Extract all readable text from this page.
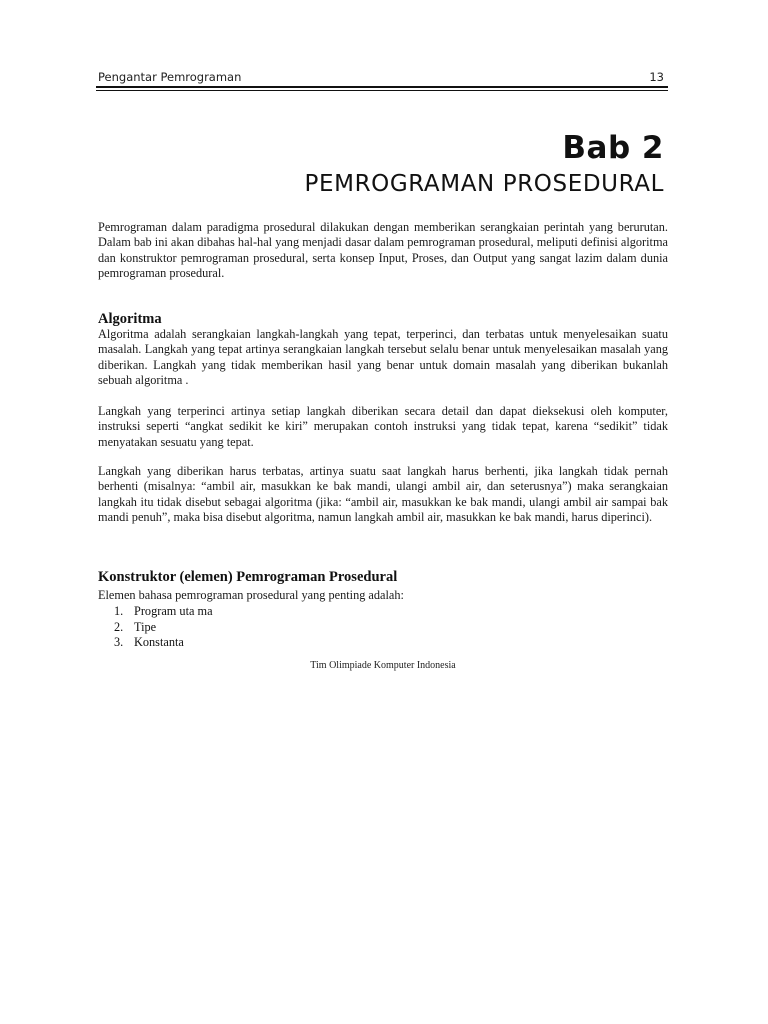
Pengantar Pemrograman	13
Bab 2
PEMROGRAMAN PROSEDURAL

Pemrograman dalam paradigma prosedural dilakukan dengan memberikan serangkaian perintah yang berurutan. Dalam bab ini akan dibahas hal-hal yang menjadi dasar dalam pemrograman prosedural, meliputi definisi algoritma dan konstruktor pemrograman prosedural, serta konsep Input, Proses, dan Output yang sangat lazim dalam dunia pemrograman prosedural.

Algoritma

Algoritma adalah serangkaian langkah-langkah yang tepat, terperinci, dan terbatas untuk menyelesaikan suatu masalah. Langkah yang tepat artinya serangkaian langkah tersebut selalu benar untuk menyelesaikan masalah yang diberikan. Langkah yang tidak memberikan hasil yang benar untuk domain masalah yang diberikan bukanlah sebuah algoritma .

Langkah yang terperinci artinya setiap langkah diberikan secara detail dan dapat dieksekusi oleh komputer, instruksi seperti “angkat sedikit ke kiri” merupakan contoh instruksi yang tidak tepat, karena “sedikit” tidak menyatakan sesuatu yang tepat.

Langkah yang diberikan harus terbatas, artinya suatu saat langkah harus berhenti, jika langkah tidak pernah berhenti (misalnya: “ambil air, masukkan ke bak mandi, ulangi ambil air, dan seterusnya”) maka serangkaian langkah itu tidak disebut sebagai algoritma (jika: “ambil air, masukkan ke bak mandi, ulangi ambil air sampai bak mandi penuh”, maka bisa disebut algoritma, namun langkah ambil air, masukkan ke bak mandi, harus diperinci).

Konstruktor (elemen) Pemrograman Prosedural

Elemen bahasa pemrograman prosedural yang penting adalah:

1. Program uta ma
2. Tipe
3. Konstanta
Tim Olimpiade Komputer Indonesia
